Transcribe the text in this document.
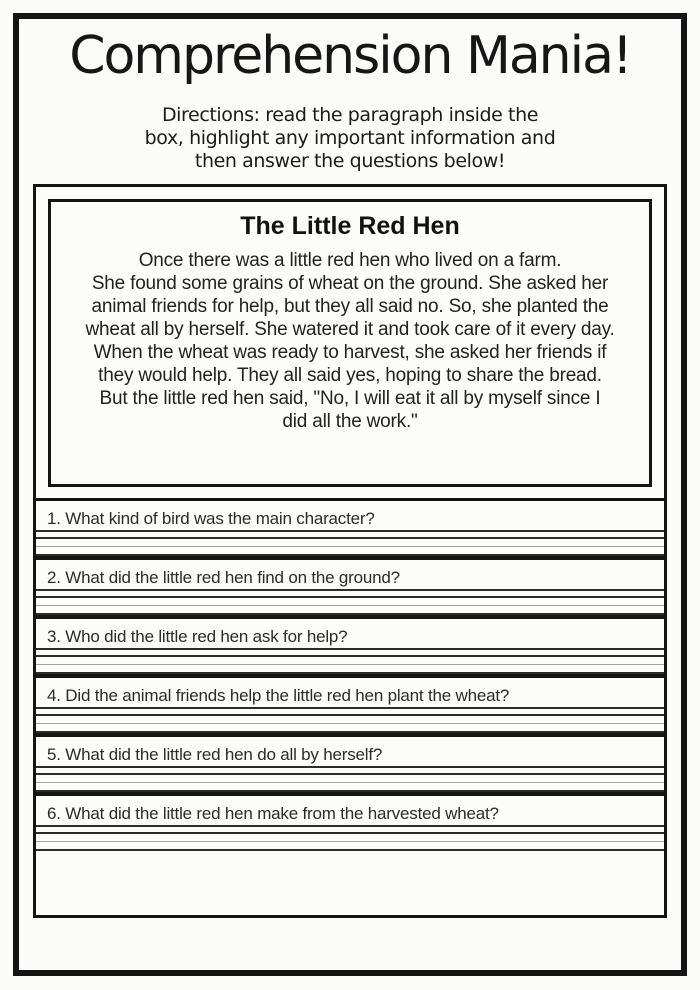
Comprehension Mania!
Directions: read the paragraph inside the
box, highlight any important information and
then answer the questions below!
The Little Red Hen
Once there was a little red hen who lived on a farm.
She found some grains of wheat on the ground. She asked her
animal friends for help, but they all said no. So, she planted the
wheat all by herself. She watered it and took care of it every day.
When the wheat was ready to harvest, she asked her friends if
they would help. They all said yes, hoping to share the bread.
But the little red hen said, "No, I will eat it all by myself since I
did all the work."
1. What kind of bird was the main character?
2. What did the little red hen find on the ground?
3. Who did the little red hen ask for help?
4. Did the animal friends help the little red hen plant the wheat?
5. What did the little red hen do all by herself?
6. What did the little red hen make from the harvested wheat?
